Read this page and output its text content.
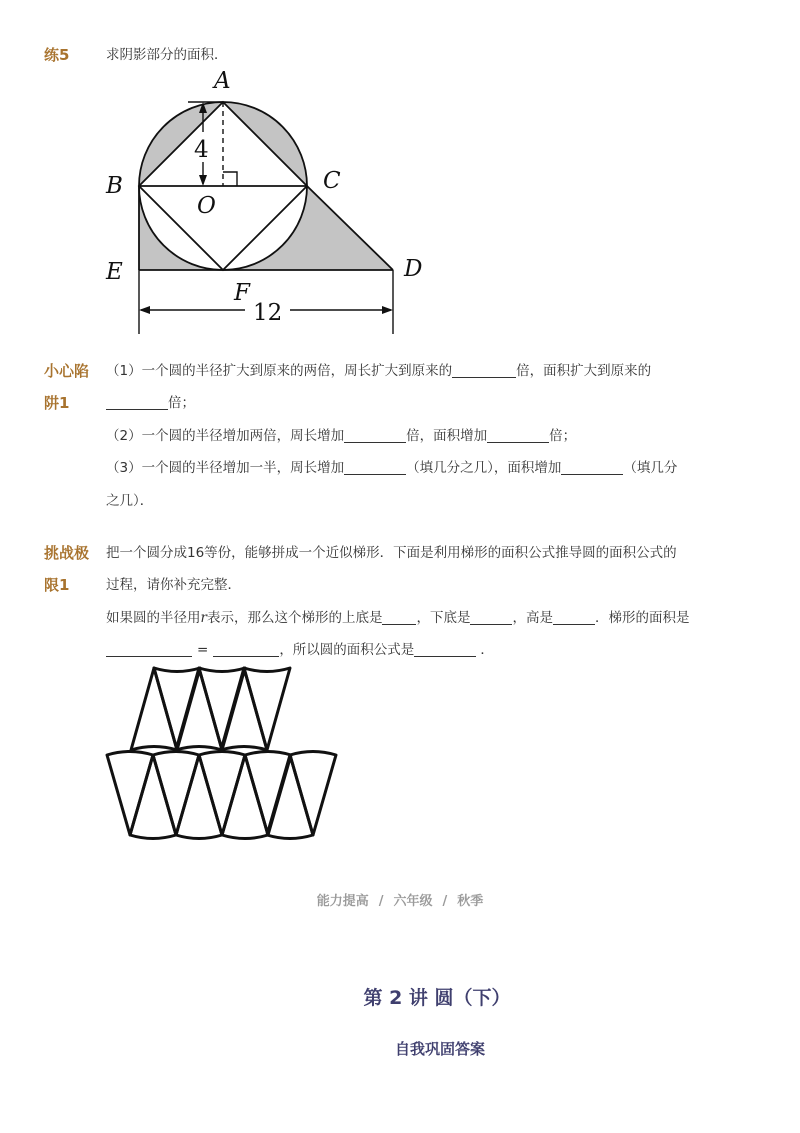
练5	求阴影部分的面积．
A
B	C
O
E	D
F
4
12
小心陷
阱1
（1）一个圆的半径扩大到原来的两倍，周长扩大到原来的	倍，面积扩大到原来的
倍；
（2）一个圆的半径增加两倍，周长增加	倍，面积增加	倍；
（3）一个圆的半径增加一半，周长增加	（填几分之几），面积增加	（填几分
之几）．
挑战极
限1
把一个圆分成16等份，能够拼成一个近似梯形．下面是利用梯形的面积公式推导圆的面积公式的
过程，请你补充完整．
如果圆的半径用r表示，那么这个梯形的上底是	，下底是	，高是	．梯形的面积是
=	，所以圆的面积公式是	．
能力提高 / 六年级 / 秋季
第 2 讲 圆（下）
自我巩固答案
